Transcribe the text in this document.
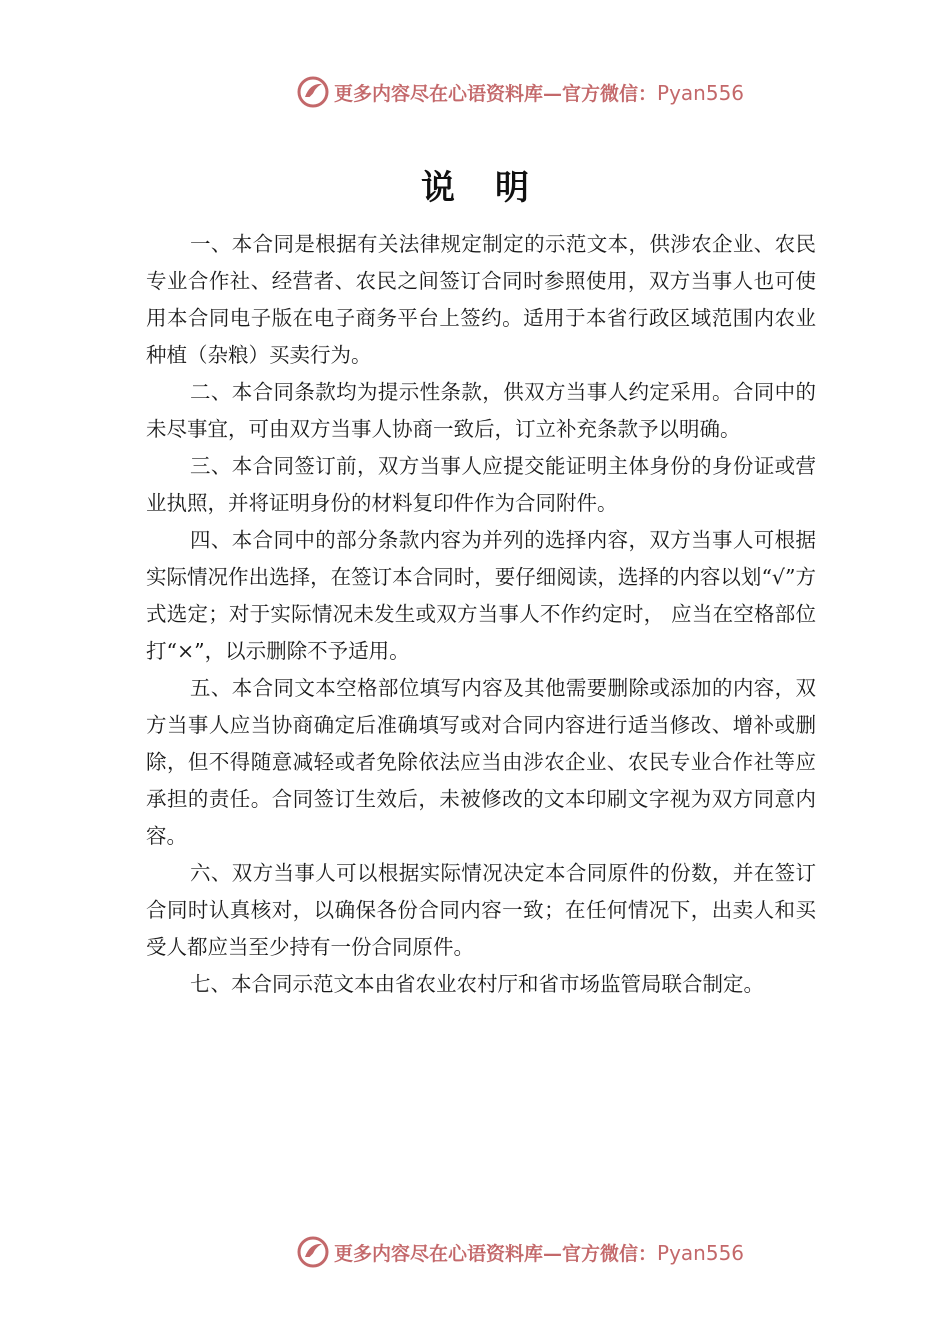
更多内容尽在心语资料库—官方微信：Pyan556
说明

一、本合同是根据有关法律规定制定的示范文本，供涉农企业、农民专业合作社、经营者、农民之间签订合同时参照使用，双方当事人也可使用本合同电子版在电子商务平台上签约。适用于本省行政区域范围内农业种植（杂粮）买卖行为。

二、本合同条款均为提示性条款，供双方当事人约定采用。合同中的未尽事宜，可由双方当事人协商一致后，订立补充条款予以明确。

三、本合同签订前，双方当事人应提交能证明主体身份的身份证或营业执照，并将证明身份的材料复印件作为合同附件。

四、本合同中的部分条款内容为并列的选择内容，双方当事人可根据实际情况作出选择，在签订本合同时，要仔细阅读，选择的内容以划“√”方式选定；对于实际情况未发生或双方当事人不作约定时， 应当在空格部位打“×”，以示删除不予适用。

五、本合同文本空格部位填写内容及其他需要删除或添加的内容，双方当事人应当协商确定后准确填写或对合同内容进行适当修改、增补或删除，但不得随意减轻或者免除依法应当由涉农企业、农民专业合作社等应承担的责任。合同签订生效后，未被修改的文本印刷文字视为双方同意内容。

六、双方当事人可以根据实际情况决定本合同原件的份数，并在签订合同时认真核对，以确保各份合同内容一致；在任何情况下，出卖人和买受人都应当至少持有一份合同原件。

七、本合同示范文本由省农业农村厅和省市场监管局联合制定。

更多内容尽在心语资料库—官方微信：Pyan556
